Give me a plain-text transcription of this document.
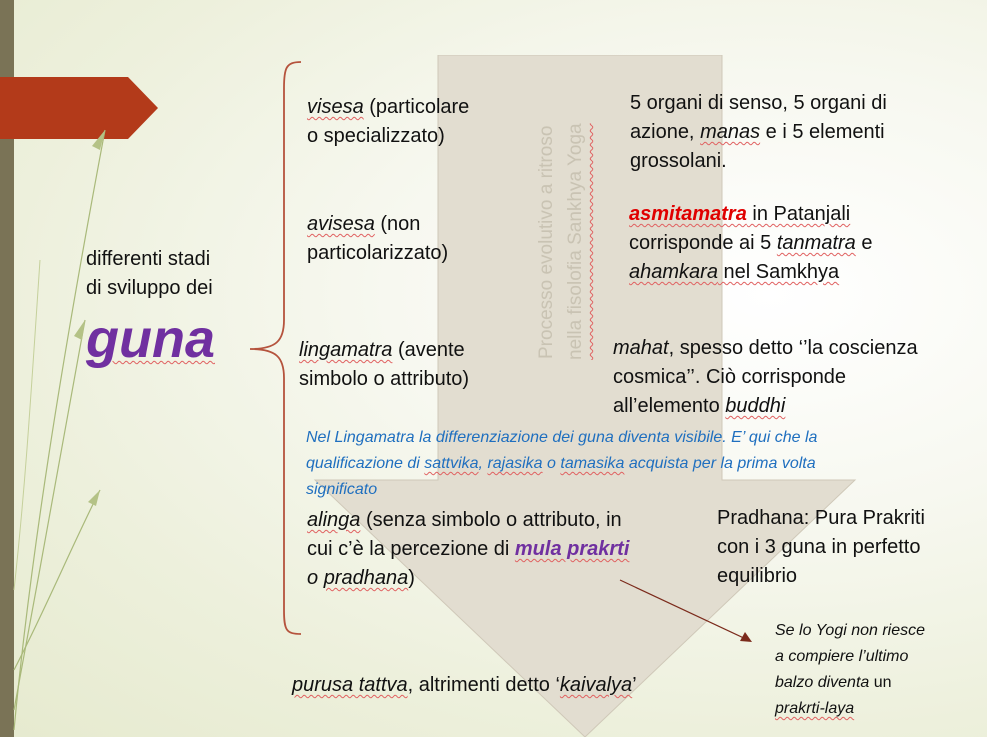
Processo evolutivo a ritroso nella fisolofia Sankhya Yoga
differenti stadi
di sviluppo dei
guna
visesa (particolare
o specializzato)
avisesa (non
particolarizzato)
lingamatra (avente
simbolo o attributo)
5 organi di senso, 5 organi di
azione, manas e i 5 elementi
grossolani.
asmitamatra in Patanjali
corrisponde ai 5 tanmatra e
ahamkara nel Samkhya
mahat, spesso detto ‘’la coscienza
cosmica’’. Ciò corrisponde
all’elemento buddhi
Nel Lingamatra la differenziazione dei guna diventa visibile. E’ qui che la
qualificazione di sattvika, rajasika o tamasika acquista per la prima volta
significato
alinga (senza simbolo o attributo, in
cui c’è la percezione di mula prakrti
o pradhana)
Pradhana: Pura Prakriti
con i 3 guna in perfetto
equilibrio
Se lo Yogi non riesce
a compiere l’ultimo
balzo diventa un
prakrti-laya
purusa tattva, altrimenti detto ‘kaivalya’
